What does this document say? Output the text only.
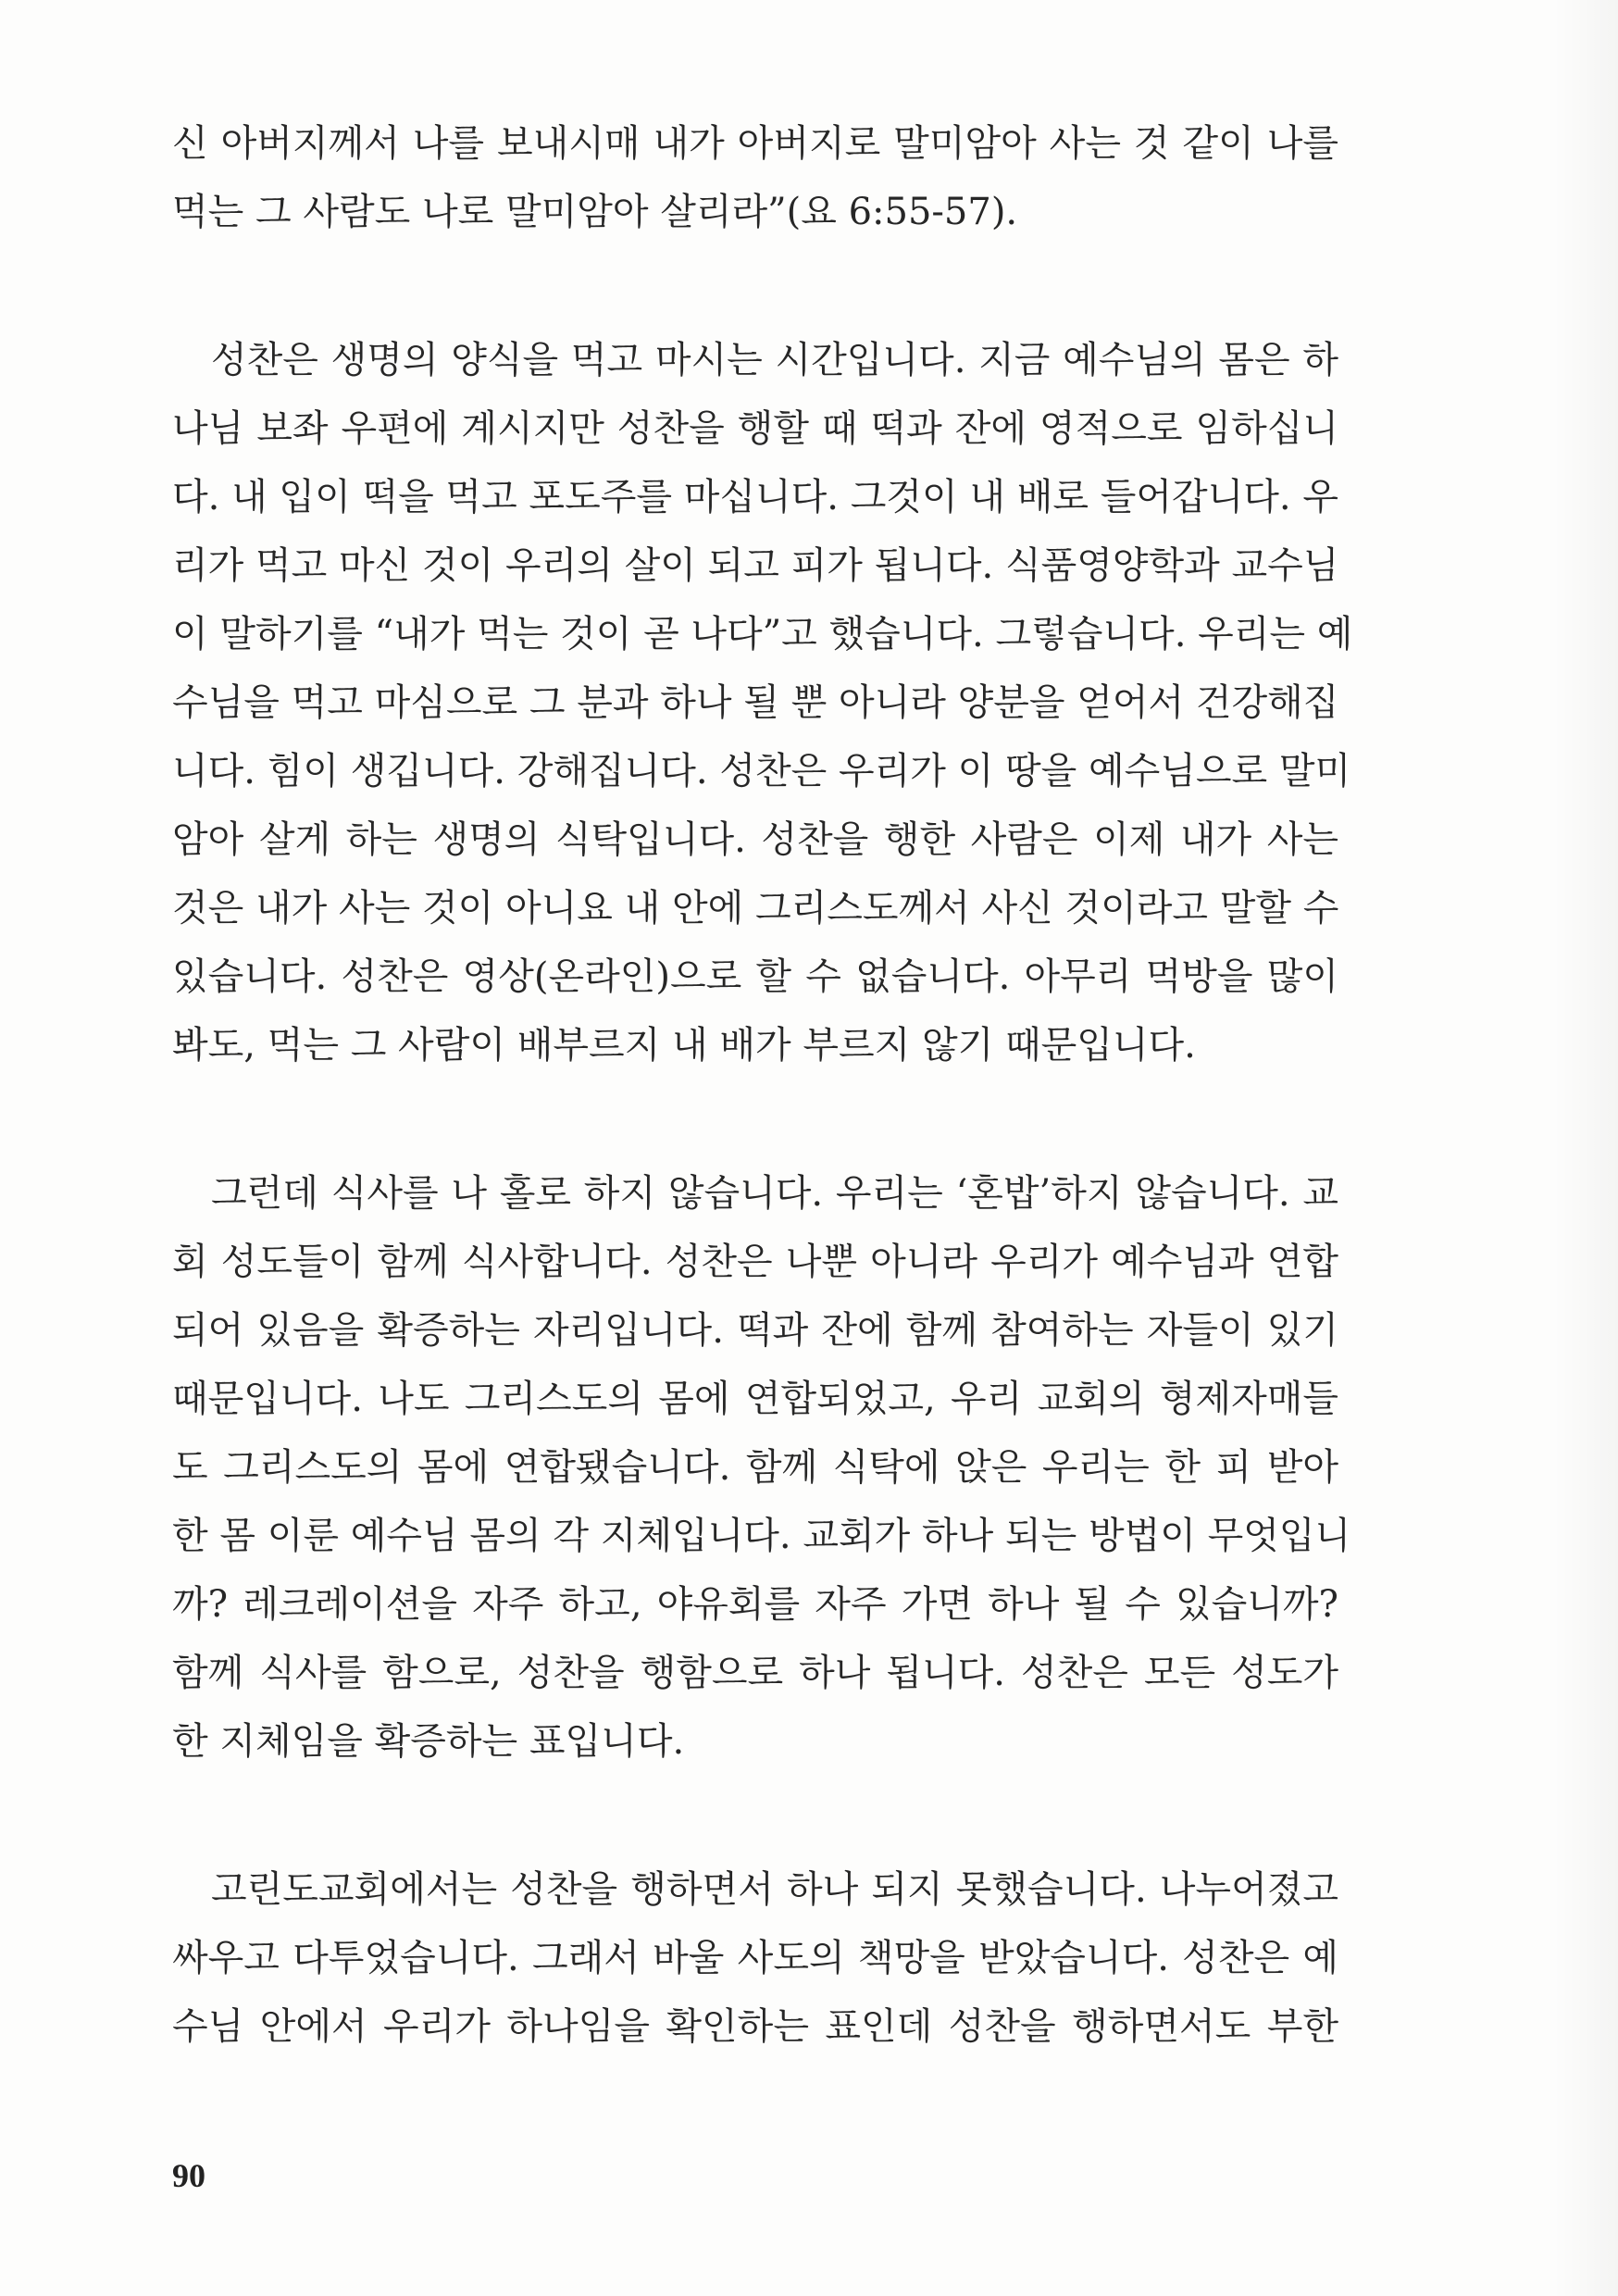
신 아버지께서 나를 보내시매 내가 아버지로 말미암아 사는 것 같이 나를
먹는 그 사람도 나로 말미암아 살리라”(요 6:55-57).
성찬은 생명의 양식을 먹고 마시는 시간입니다. 지금 예수님의 몸은 하
나님 보좌 우편에 계시지만 성찬을 행할 때 떡과 잔에 영적으로 임하십니
다. 내 입이 떡을 먹고 포도주를 마십니다. 그것이 내 배로 들어갑니다. 우
리가 먹고 마신 것이 우리의 살이 되고 피가 됩니다. 식품영양학과 교수님
이 말하기를 “내가 먹는 것이 곧 나다”고 했습니다. 그렇습니다. 우리는 예
수님을 먹고 마심으로 그 분과 하나 될 뿐 아니라 양분을 얻어서 건강해집
니다. 힘이 생깁니다. 강해집니다. 성찬은 우리가 이 땅을 예수님으로 말미
암아 살게 하는 생명의 식탁입니다. 성찬을 행한 사람은 이제 내가 사는
것은 내가 사는 것이 아니요 내 안에 그리스도께서 사신 것이라고 말할 수
있습니다. 성찬은 영상(온라인)으로 할 수 없습니다. 아무리 먹방을 많이
봐도, 먹는 그 사람이 배부르지 내 배가 부르지 않기 때문입니다.
그런데 식사를 나 홀로 하지 않습니다. 우리는 ‘혼밥’하지 않습니다. 교
회 성도들이 함께 식사합니다. 성찬은 나뿐 아니라 우리가 예수님과 연합
되어 있음을 확증하는 자리입니다. 떡과 잔에 함께 참여하는 자들이 있기
때문입니다. 나도 그리스도의 몸에 연합되었고, 우리 교회의 형제자매들
도 그리스도의 몸에 연합됐습니다. 함께 식탁에 앉은 우리는 한 피 받아
한 몸 이룬 예수님 몸의 각 지체입니다. 교회가 하나 되는 방법이 무엇입니
까? 레크레이션을 자주 하고, 야유회를 자주 가면 하나 될 수 있습니까?
함께 식사를 함으로, 성찬을 행함으로 하나 됩니다. 성찬은 모든 성도가
한 지체임을 확증하는 표입니다.
고린도교회에서는 성찬을 행하면서 하나 되지 못했습니다. 나누어졌고
싸우고 다투었습니다. 그래서 바울 사도의 책망을 받았습니다. 성찬은 예
수님 안에서 우리가 하나임을 확인하는 표인데 성찬을 행하면서도 부한
90
